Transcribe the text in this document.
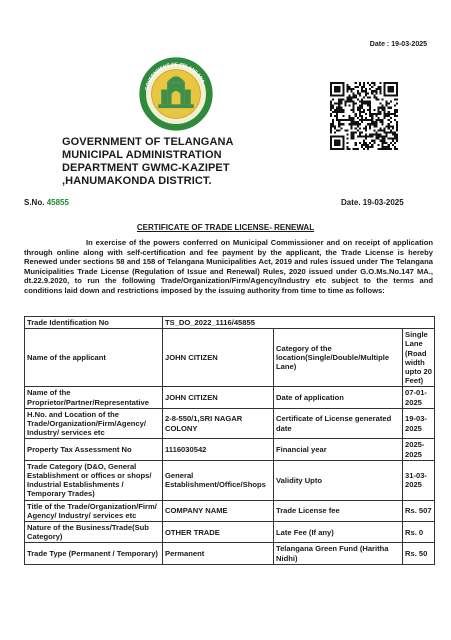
Date : 19-03-2025
GOVERNMENT OF TELANGANA
GOVERNMENT OF TELANGANA
MUNICIPAL ADMINISTRATION
DEPARTMENT GWMC-KAZIPET
,HANUMAKONDA DISTRICT.
S.No. 45855	Date. 19-03-2025
CERTIFICATE OF TRADE LICENSE- RENEWAL
In exercise of the powers conferred on Municipal Commissioner and on receipt of application through online along with self-certification and fee payment by the applicant, the Trade License is hereby Renewed under sections 58 and 158 of Telangana Municipalities Act, 2019 and rules issued under The Telangana Municipalities Trade License (Regulation of Issue and Renewal) Rules, 2020 issued under G.O.Ms.No.147 MA., dt.22.9.2020, to run the following Trade/Organization/Firm/Agency/Industry etc subject to the terms and conditions laid down and restrictions imposed by the issuing authority from time to time as follows:
Trade Identification No	TS_DO_2022_1116/45855		
Name of the applicant	JOHN CITIZEN	Category of the location(Single/Double/Multiple Lane)	Single Lane (Road width upto 20 Feet)
Name of the Proprietor/Partner/Representative	JOHN CITIZEN	Date of application	07-01-2025
H.No. and Location of the Trade/Organization/Firm/Agency/ Industry/ services etc	2-8-550/1,SRI NAGAR COLONY	Certificate of License generated date	19-03-2025
Property Tax Assessment No	1116030542	Financial year	2025-2025
Trade Category (D&O, General Establishment or offices or shops/ Industrial Establishments / Temporary Trades)	General Establishment/Office/Shops	Validity Upto	31-03-2025
Title of the Trade/Organization/Firm/ Agency/ Industry/ services etc	COMPANY NAME	Trade License fee	Rs. 507
Nature of the Business/Trade(Sub Category)	OTHER TRADE	Late Fee (If any)	Rs. 0
Trade Type (Permanent / Temporary)	Permanent	Telangana Green Fund (Haritha Nidhi)	Rs. 50
